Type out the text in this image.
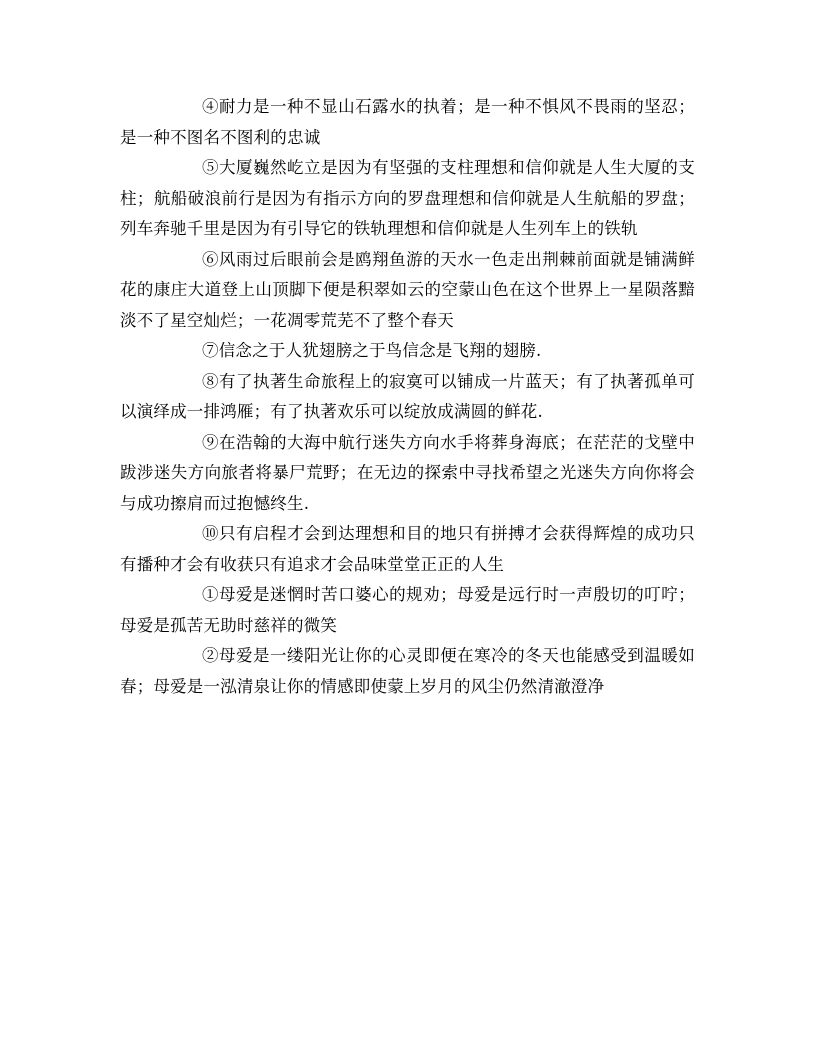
④耐力是一种不显山石露水的执着；是一种不惧风不畏雨的坚忍；是一种不图名不图利的忠诚

⑤大厦巍然屹立是因为有坚强的支柱理想和信仰就是人生大厦的支柱；航船破浪前行是因为有指示方向的罗盘理想和信仰就是人生航船的罗盘；列车奔驰千里是因为有引导它的铁轨理想和信仰就是人生列车上的铁轨

⑥风雨过后眼前会是鸥翔鱼游的天水一色走出荆棘前面就是铺满鲜花的康庄大道登上山顶脚下便是积翠如云的空蒙山色在这个世界上一星陨落黯淡不了星空灿烂；一花凋零荒芜不了整个春天

⑦信念之于人犹翅膀之于鸟信念是飞翔的翅膀.

⑧有了执著生命旅程上的寂寞可以铺成一片蓝天；有了执著孤单可以演绎成一排鸿雁；有了执著欢乐可以绽放成满圆的鲜花.

⑨在浩翰的大海中航行迷失方向水手将葬身海底；在茫茫的戈壁中跋涉迷失方向旅者将暴尸荒野；在无边的探索中寻找希望之光迷失方向你将会与成功擦肩而过抱憾终生.

⑩只有启程才会到达理想和目的地只有拼搏才会获得辉煌的成功只有播种才会有收获只有追求才会品味堂堂正正的人生

①母爱是迷惘时苦口婆心的规劝；母爱是远行时一声殷切的叮咛；母爱是孤苦无助时慈祥的微笑

②母爱是一缕阳光让你的心灵即便在寒冷的冬天也能感受到温暖如春；母爱是一泓清泉让你的情感即使蒙上岁月的风尘仍然清澈澄净
